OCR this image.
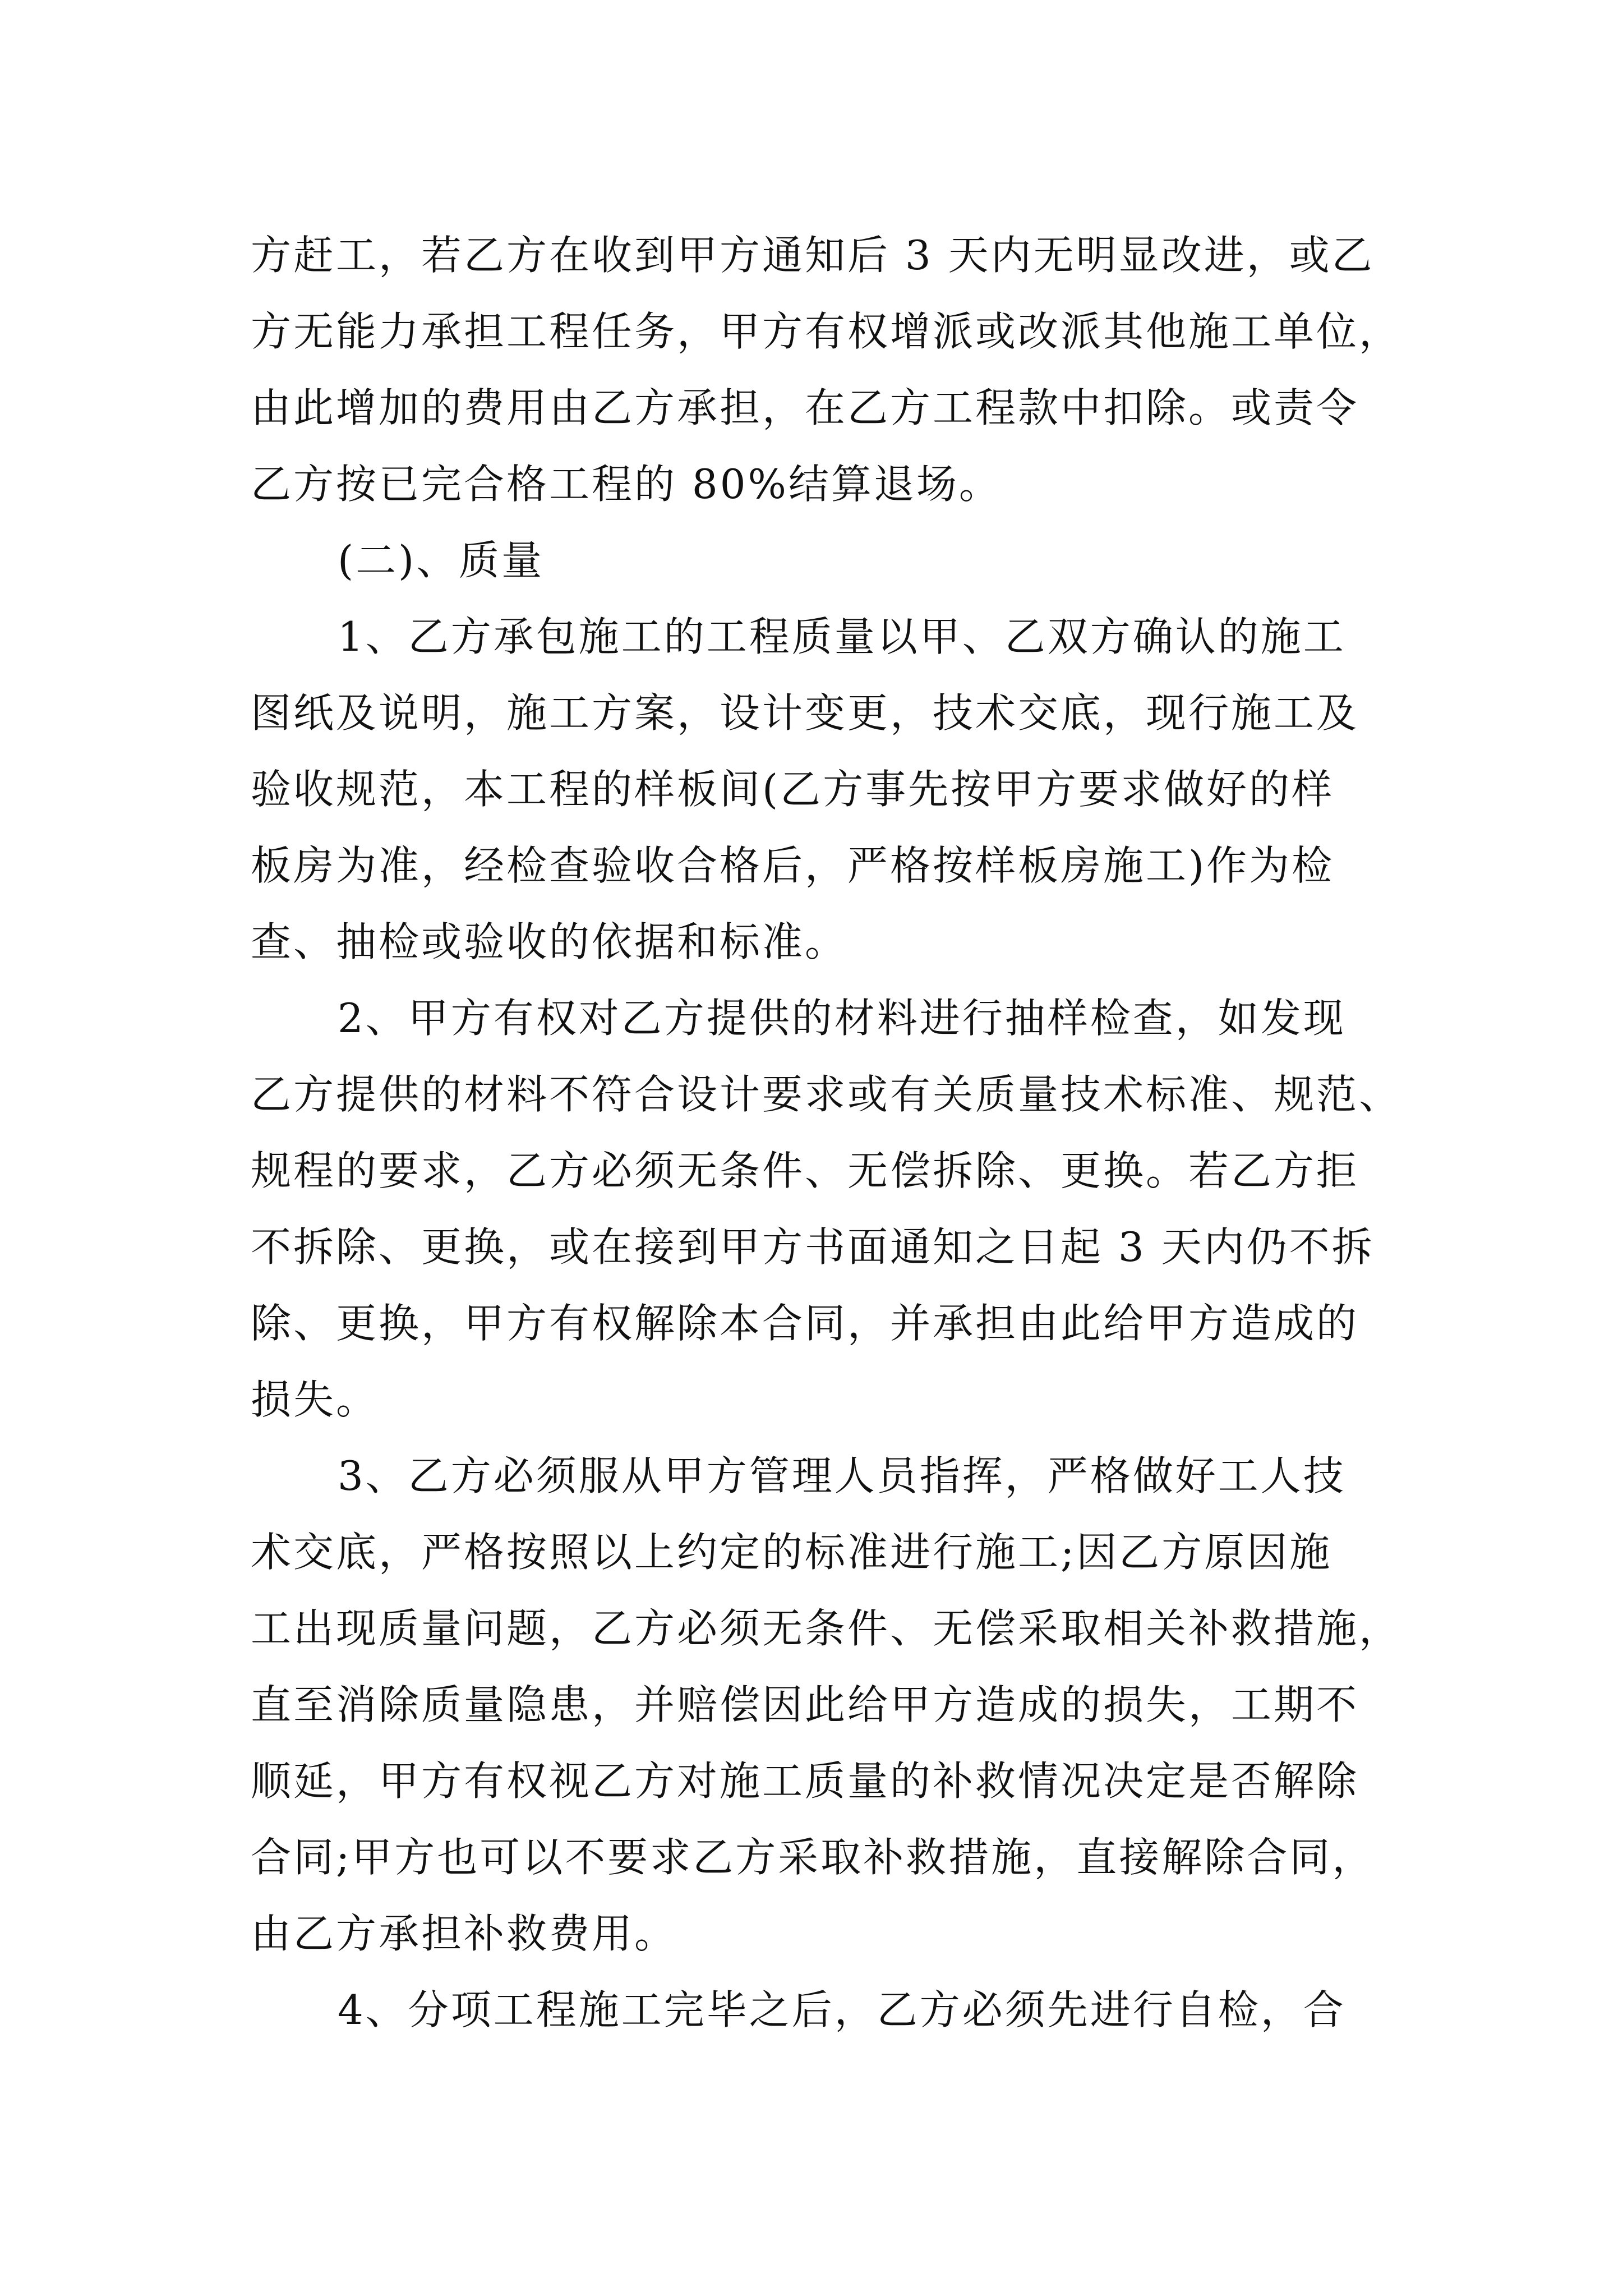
方赶工，若乙方在收到甲方通知后 3 天内无明显改进，或乙
方无能力承担工程任务，甲方有权增派或改派其他施工单位，
由此增加的费用由乙方承担，在乙方工程款中扣除。或责令
乙方按已完合格工程的 80%结算退场。
(二)、质量
1、乙方承包施工的工程质量以甲、乙双方确认的施工
图纸及说明，施工方案，设计变更，技术交底，现行施工及
验收规范，本工程的样板间(乙方事先按甲方要求做好的样
板房为准，经检查验收合格后，严格按样板房施工)作为检
查、抽检或验收的依据和标准。
2、甲方有权对乙方提供的材料进行抽样检查，如发现
乙方提供的材料不符合设计要求或有关质量技术标准、规范、
规程的要求，乙方必须无条件、无偿拆除、更换。若乙方拒
不拆除、更换，或在接到甲方书面通知之日起 3 天内仍不拆
除、更换，甲方有权解除本合同，并承担由此给甲方造成的
损失。
3、乙方必须服从甲方管理人员指挥，严格做好工人技
术交底，严格按照以上约定的标准进行施工;因乙方原因施
工出现质量问题，乙方必须无条件、无偿采取相关补救措施，
直至消除质量隐患，并赔偿因此给甲方造成的损失，工期不
顺延，甲方有权视乙方对施工质量的补救情况决定是否解除
合同;甲方也可以不要求乙方采取补救措施，直接解除合同，
由乙方承担补救费用。
4、分项工程施工完毕之后，乙方必须先进行自检，合
